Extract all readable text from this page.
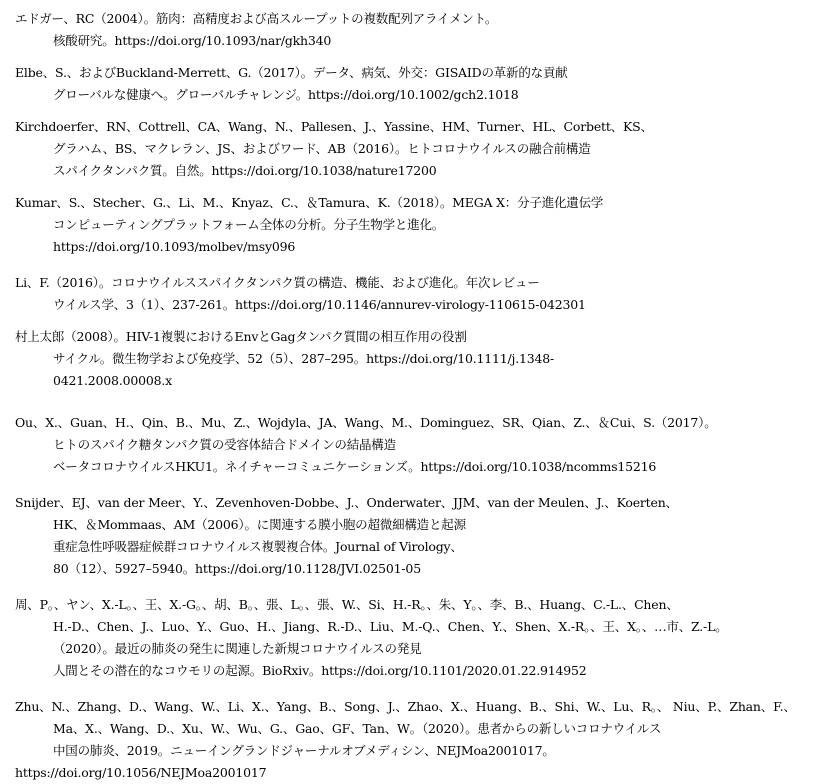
エドガー、RC（2004）。筋肉：高精度および高スループットの複数配列アライメント。
核酸研究。https://doi.org/10.1093/nar/gkh340
Elbe、S.、およびBuckland-Merrett、G.（2017）。データ、病気、外交：GISAIDの革新的な貢献
グローバルな健康へ。グローバルチャレンジ。https://doi.org/10.1002/gch2.1018
Kirchdoerfer、RN、Cottrell、CA、Wang、N.、Pallesen、J.、Yassine、HM、Turner、HL、Corbett、KS、
グラハム、BS、マクレラン、JS、およびワード、AB（2016）。ヒトコロナウイルスの融合前構造
スパイクタンパク質。自然。https://doi.org/10.1038/nature17200
Kumar、S.、Stecher、G.、Li、M.、Knyaz、C.、＆Tamura、K.（2018）。MEGA X：分子進化遺伝学
コンピューティングプラットフォーム全体の分析。分子生物学と進化。
https://doi.org/10.1093/molbev/msy096
Li、F.（2016）。コロナウイルススパイクタンパク質の構造、機能、および進化。年次レビュー
ウイルス学、3（1）、237-261。https://doi.org/10.1146/annurev-virology-110615-042301
村上太郎（2008）。HIV-1複製におけるEnvとGagタンパク質間の相互作用の役割
サイクル。微生物学および免疫学、52（5）、287–295。https://doi.org/10.1111/j.1348-
0421.2008.00008.x
Ou、X.、Guan、H.、Qin、B.、Mu、Z.、Wojdyla、JA、Wang、M.、Dominguez、SR、Qian、Z.、＆Cui、S.（2017）。
ヒトのスパイク糖タンパク質の受容体結合ドメインの結晶構造
ベータコロナウイルスHKU1。ネイチャーコミュニケーションズ。https://doi.org/10.1038/ncomms15216
Snijder、EJ、van der Meer、Y.、Zevenhoven-Dobbe、J.、Onderwater、JJM、van der Meulen、J.、Koerten、
HK、＆Mommaas、AM（2006）。に関連する膜小胞の超微細構造と起源
重症急性呼吸器症候群コロナウイルス複製複合体。Journal of Virology、
80（12）、5927–5940。https://doi.org/10.1128/JVI.02501-05
周、P。、ヤン、X.-L。、王、X.-G。、胡、B。、張、L。、張、W.、Si、H.-R。、朱、Y。、李、B.、Huang、C.-L.、Chen、
H.-D.、Chen、J.、Luo、Y.、Guo、H.、Jiang、R.-D.、Liu、M.-Q.、Chen、Y.、Shen、X.-R。、王、X。、…市、Z.-L。
（2020）。最近の肺炎の発生に関連した新規コロナウイルスの発見
人間とその潜在的なコウモリの起源。BioRxiv。https://doi.org/10.1101/2020.01.22.914952
Zhu、N.、Zhang、D.、Wang、W.、Li、X.、Yang、B.、Song、J.、Zhao、X.、Huang、B.、Shi、W.、Lu、R。、 Niu、P.、Zhan、F.、
Ma、X.、Wang、D.、Xu、W.、Wu、G.、Gao、GF、Tan、W。（2020）。患者からの新しいコロナウイルス
中国の肺炎、2019。ニューイングランドジャーナルオブメディシン、NEJMoa2001017。
https://doi.org/10.1056/NEJMoa2001017
